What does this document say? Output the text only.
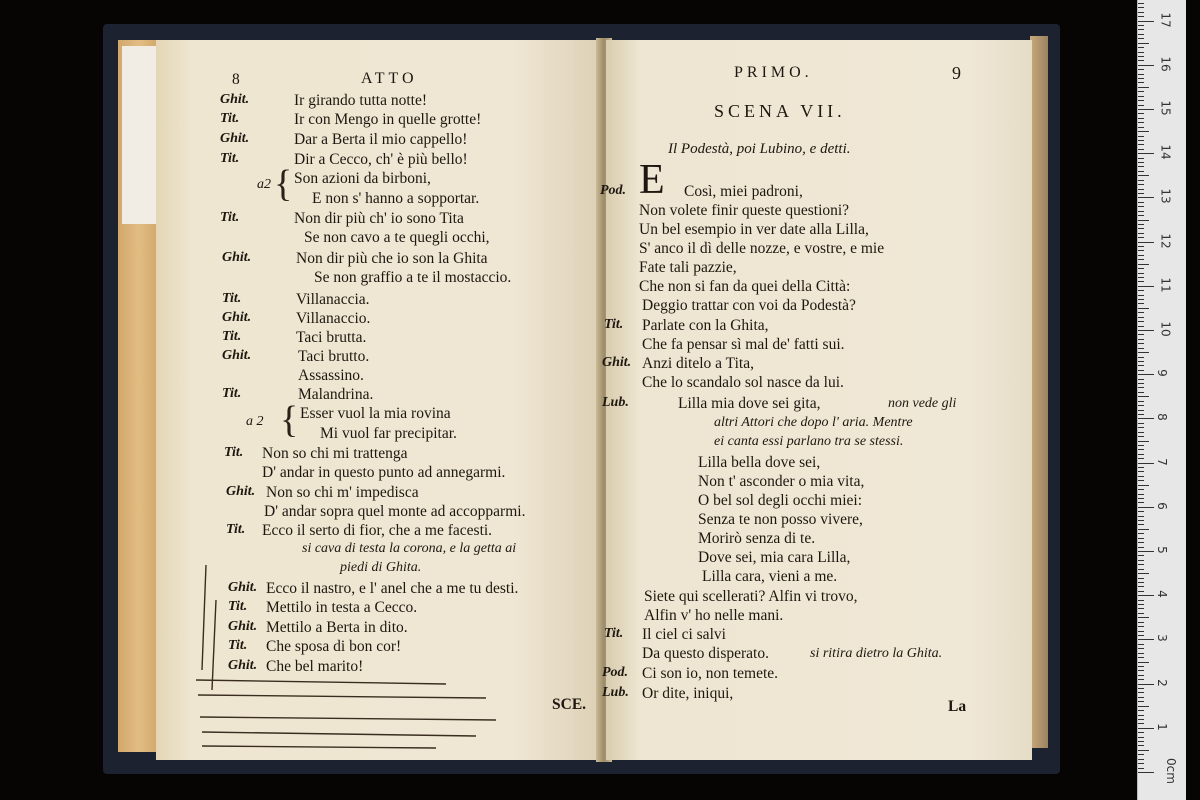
8	ATTO
Ghit.	Ir girando tutta notte!
Tit.	Ir con Mengo in quelle grotte!
Ghit.	Dar a Berta il mio cappello!
Tit.	Dir a Cecco, ch' è più bello!
a2 { Son azioni da birboni,
E non s' hanno a sopportar.
Tit.	Non dir più ch' io sono Tita
Se non cavo a te quegli occhi,
Ghit.	Non dir più che io son la Ghita
Se non graffio a te il mostaccio.
Tit.	Villanaccia.
Ghit.	Villanaccio.
Tit.	Taci brutta.
Ghit.	Taci brutto.
Assassino.
Tit.	Malandrina.
a 2 { Esser vuol la mia rovina
Mi vuol far precipitar.
Tit. Non so chi mi trattenga
D' andar in questo punto ad annegarmi.
Ghit. Non so chi m' impedisca
D' andar sopra quel monte ad accopparmi.
Tit. Ecco il serto di fior, che a me facesti.
si cava di testa la corona, e la getta ai
piedi di Ghita.
Ghit. Ecco il nastro, e l' anel che a me tu desti.
Tit. Mettilo in testa a Cecco.
Ghit. Mettilo a Berta in dito.
Tit. Che sposa di bon cor!
Ghit. Che bel marito!
SCE.
PRIMO.	9
SCENA VII.
Il Podestà, poi Lubino, e detti.
Pod. E Così, miei padroni,
Non volete finir queste questioni?
Un bel esempio in ver date alla Lilla,
S' anco il dì delle nozze, e vostre, e mie
Fate tali pazzie,
Che non si fan da quei della Città:
Deggio trattar con voi da Podestà?
Tit. Parlate con la Ghita,
Che fa pensar sì mal de' fatti sui.
Ghit. Anzi ditelo a Tita,
Che lo scandalo sol nasce da lui.
Lub.	Lilla mia dove sei gita,	non vede gli
altri Attori che dopo l' aria. Mentre
ei canta essi parlano tra se stessi.
Lilla bella dove sei,
Non t' asconder o mia vita,
O bel sol degli occhi miei:
Senza te non posso vivere,
Morirò senza di te.
Dove sei, mia cara Lilla,
Lilla cara, vieni a me.
Siete qui scellerati? Alfin vi trovo,
Alfin v' ho nelle mani.
Tit. Il ciel ci salvi
Da questo disperato.	si ritira dietro la Ghita.
Pod. Ci son io, non temete.
Lub. Or dite, iniqui,
La
0cm
1
2
3
4
5
6
7
8
9
10
11
12
13
14
15
16
17
